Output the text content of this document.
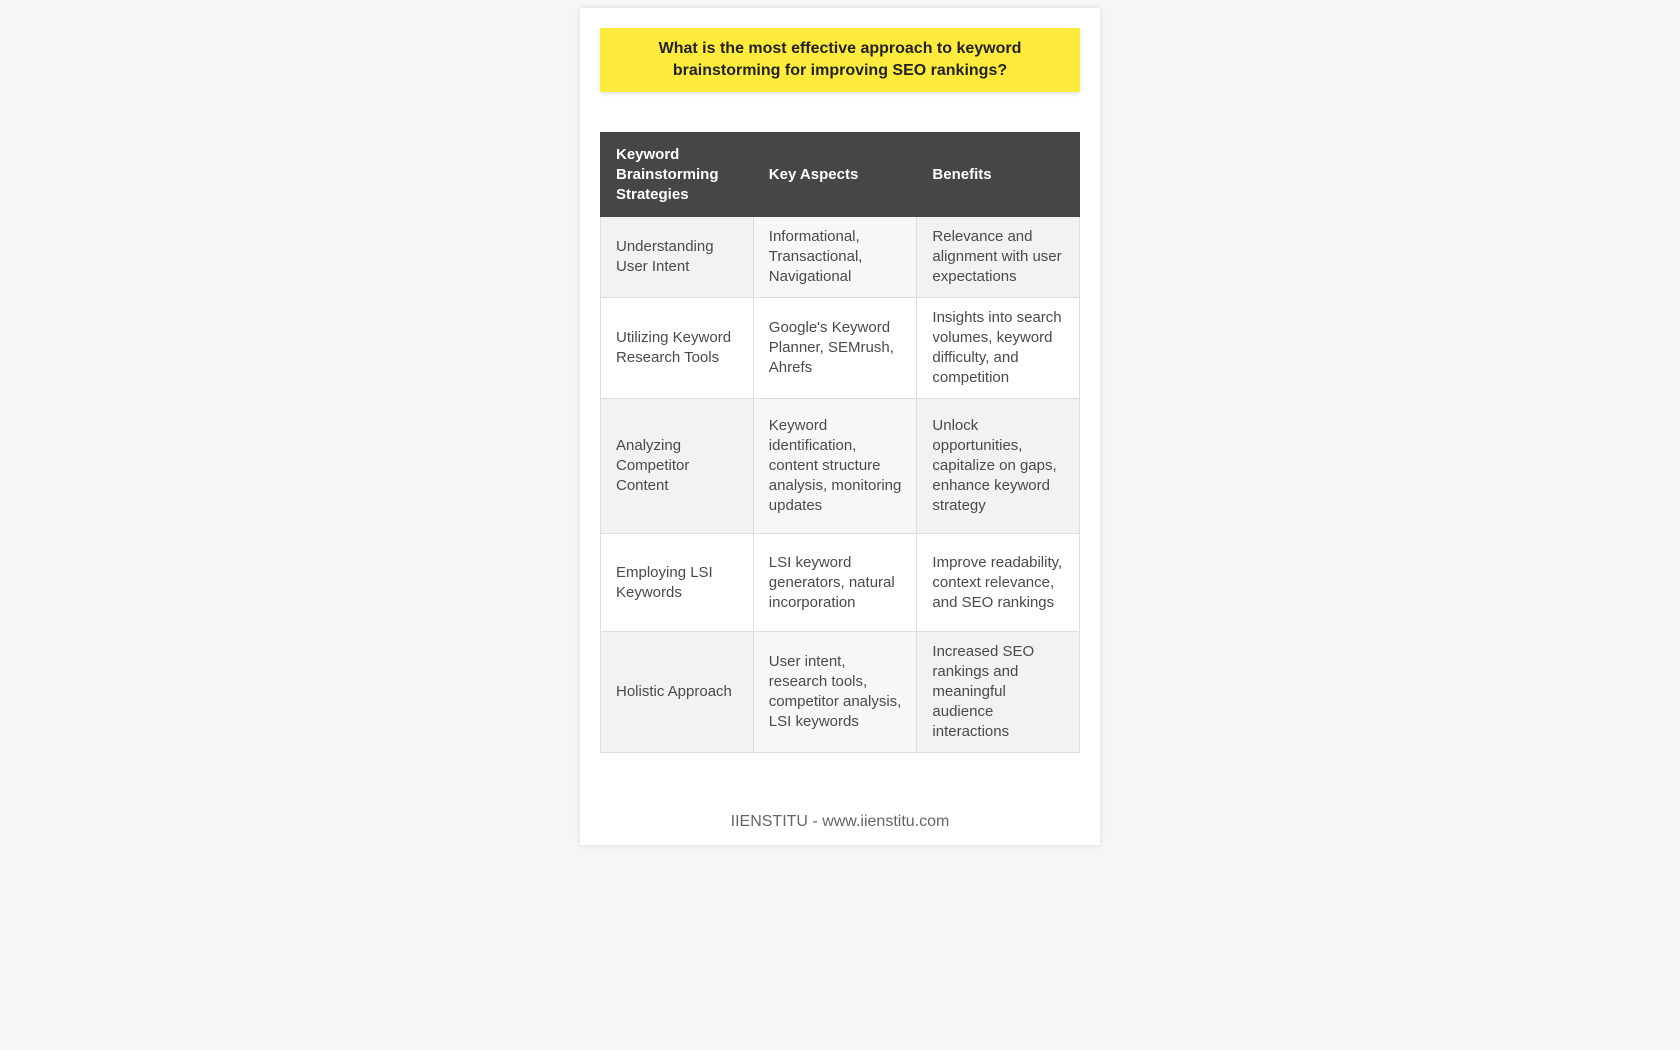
What is the most effective approach to keyword brainstorming for improving SEO rankings?
Keyword Brainstorming Strategies	Key Aspects	Benefits
Understanding User Intent	Informational, Transactional, Navigational	Relevance and alignment with user expectations
Utilizing Keyword Research Tools	Google's Keyword Planner, SEMrush, Ahrefs	Insights into search volumes, keyword difficulty, and competition
Analyzing Competitor Content	Keyword identification, content structure analysis, monitoring updates	Unlock opportunities, capitalize on gaps, enhance keyword strategy
Employing LSI Keywords	LSI keyword generators, natural incorporation	Improve readability, context relevance, and SEO rankings
Holistic Approach	User intent, research tools, competitor analysis, LSI keywords	Increased SEO rankings and meaningful audience interactions
IIENSTITU - www.iienstitu.com
